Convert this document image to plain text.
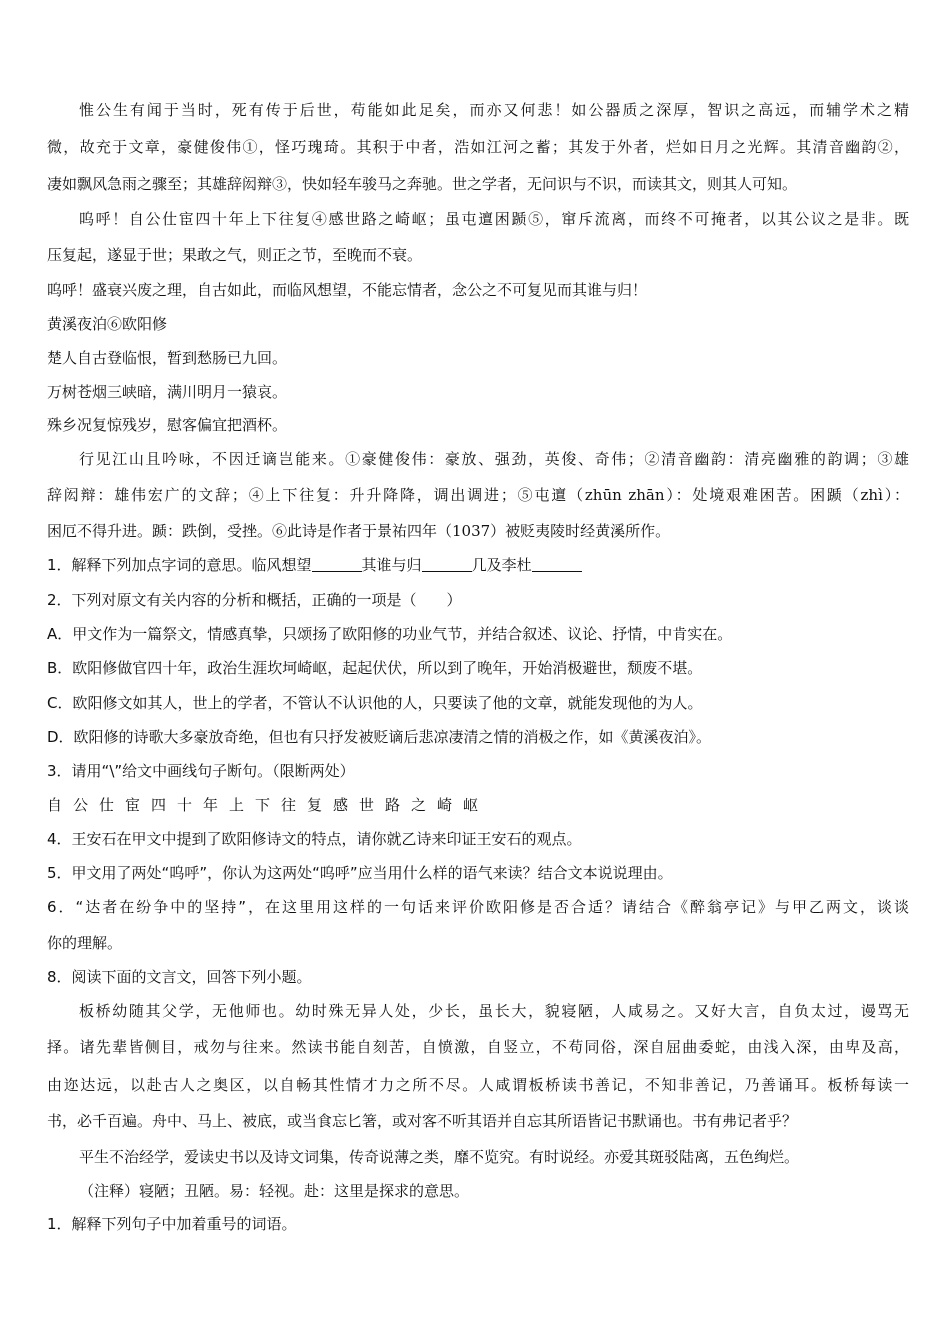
惟公生有闻于当时，死有传于后世，苟能如此足矣，而亦又何悲！如公器质之深厚，智识之高远，而辅学术之精
微，故充于文章，豪健俊伟①，怪巧瑰琦。其积于中者，浩如江河之蓄；其发于外者，烂如日月之光辉。其清音幽韵②，
凄如飘风急雨之骤至；其雄辞闳辩③，快如轻车骏马之奔驰。世之学者，无问识与不识，而读其文，则其人可知。
呜呼！自公仕宦四十年上下往复④感世路之崎岖；虽屯邅困踬⑤，窜斥流离，而终不可掩者，以其公议之是非。既
压复起，遂显于世；果敢之气，则正之节，至晚而不衰。
呜呼！盛衰兴废之理，自古如此，而临风想望，不能忘情者，念公之不可复见而其谁与归！
黄溪夜泊⑥欧阳修
楚人自古登临恨，暂到愁肠已九回。
万树苍烟三峡暗，满川明月一猿哀。
殊乡况复惊残岁，慰客偏宜把酒杯。
行见江山且吟咏，不因迁谪岂能来。①豪健俊伟：豪放、强劲，英俊、奇伟；②清音幽韵：清亮幽雅的韵调；③雄
辞闳辩：雄伟宏广的文辞；④上下往复：升升降降，调出调进；⑤屯邅（zhūn zhān）：处境艰难困苦。困踬（zhì）：
困厄不得升进。踬：跌倒，受挫。⑥此诗是作者于景祐四年（1037）被贬夷陵时经黄溪所作。
1．解释下列加点字词的意思。临风想望	其谁与归	几及李杜
2．下列对原文有关内容的分析和概括，正确的一项是（　　）
A．甲文作为一篇祭文，情感真挚，只颂扬了欧阳修的功业气节，并结合叙述、议论、抒情，中肯实在。
B．欧阳修做官四十年，政治生涯坎坷崎岖，起起伏伏，所以到了晚年，开始消极避世，颓废不堪。
C．欧阳修文如其人，世上的学者，不管认不认识他的人，只要读了他的文章，就能发现他的为人。
D．欧阳修的诗歌大多豪放奇绝，但也有只抒发被贬谪后悲凉凄清之情的消极之作，如《黄溪夜泊》。
3．请用“\”给文中画线句子断句。（限断两处）
自公仕宦四十年上下往复感世路之崎岖
4．王安石在甲文中提到了欧阳修诗文的特点，请你就乙诗来印证王安石的观点。
5．甲文用了两处“呜呼”，你认为这两处“呜呼”应当用什么样的语气来读？结合文本说说理由。
6．“达者在纷争中的坚持”，在这里用这样的一句话来评价欧阳修是否合适？请结合《醉翁亭记》与甲乙两文，谈谈
你的理解。
8．阅读下面的文言文，回答下列小题。
板桥幼随其父学，无他师也。幼时殊无异人处，少长，虽长大，貌寝陋，人咸易之。又好大言，自负太过，谩骂无
择。诸先辈皆侧目，戒勿与往来。然读书能自刻苦，自愤激，自竖立，不苟同俗，深自屈曲委蛇，由浅入深，由卑及高，
由迩达远，以赴古人之奥区，以自畅其性情才力之所不尽。人咸谓板桥读书善记，不知非善记，乃善诵耳。板桥每读一
书，必千百遍。舟中、马上、被底，或当食忘匕箸，或对客不听其语并自忘其所语皆记书默诵也。书有弗记者乎？
平生不治经学，爱读史书以及诗文词集，传奇说薄之类，靡不览究。有时说经。亦爱其斑驳陆离，五色绚烂。
（注释）寝陋；丑陋。易：轻视。赴：这里是探求的意思。
1．解释下列句子中加着重号的词语。
